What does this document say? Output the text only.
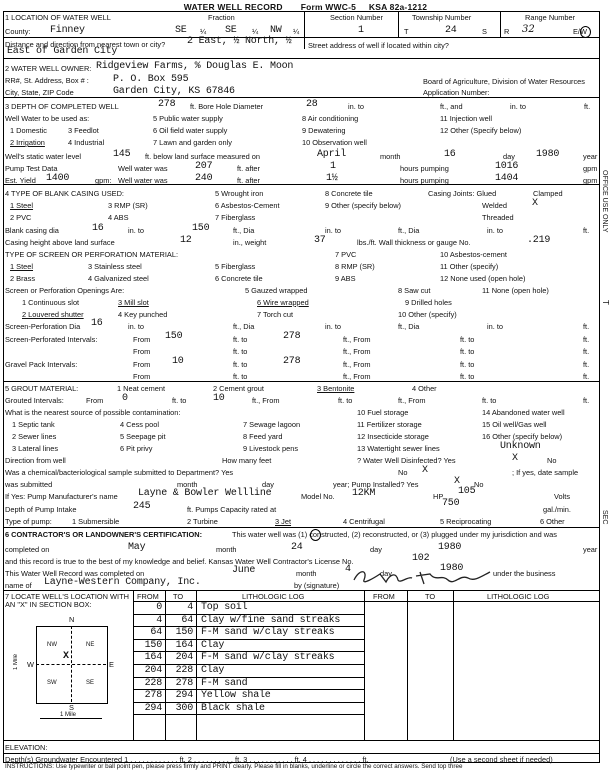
WATER WELL RECORD Form WWC-5 KSA 82a-1212
1 LOCATION OF WATER WELL	Fraction	Section Number	Township Number	Range Number
County: Finney	SE ¼ SE ¼ NW ¼	1	T	24	S R 32	E/W
Distance and direction from nearest town or city? 2 East, ½ North, ½
East of Garden City
Street address of well if located within city?
2 WATER WELL OWNER: Ridgeview Farms, % Douglas E. Moon
RR#, St. Address, Box # : P. O. Box 595	Board of Agriculture, Division of Water Resources
City, State, ZIP Code	Garden City, KS 67846	Application Number:
3 DEPTH OF COMPLETED WELL	278 ft. Bore Hole Diameter	28	in. to	ft., and	in. to	ft.
Well Water to be used as:	5 Public water supply	8 Air conditioning	11 Injection well
1 Domestic	3 Feedlot	6 Oil field water supply	9 Dewatering	12 Other (Specify below)
2 Irrigation	4 Industrial	7 Lawn and garden only	10 Observation well
Well's static water level	145 ft. below land surface measured on	April	month	16	day 1980	year
Pump Test Data	Well water was	207	ft. after	1	hours pumping	1016	gpm
Est. Yield 1400	gpm: Well water was	240	ft. after	1½	hours pumping	1404	gpm
4 TYPE OF BLANK CASING USED:	5 Wrought iron	8 Concrete tile	Casing Joints: Glued	Clamped
1 Steel	3 RMP (SR)	6 Asbestos-Cement	9 Other (specify below)	Welded	X
2 PVC	4 ABS	7 Fiberglass	Threaded
Blank casing dia	16	in. to	150	ft., Dia	in. to	ft., Dia	in. to	ft.
Casing height above land surface	12	in., weight	37	lbs./ft. Wall thickness or gauge No.	.219
TYPE OF SCREEN OR PERFORATION MATERIAL:	7 PVC	10 Asbestos-cement
1 Steel	3 Stainless steel	5 Fiberglass	8 RMP (SR)	11 Other (specify)
2 Brass	4 Galvanized steel	6 Concrete tile	9 ABS	12 None used (open hole)
Screen or Perforation Openings Are:	5 Gauzed wrapped	8 Saw cut	11 None (open hole)
1 Continuous slot	3 Mill slot	6 Wire wrapped	9 Drilled holes
2 Louvered shutter	4 Key punched	7 Torch cut	10 Other (specify)
Screen-Perforation Dia 16	in. to	ft., Dia	in. to	ft., Dia	in. to	ft.
Screen-Perforated Intervals:	From 150	ft. to	278	ft., From	ft. to	ft.
From	ft. to	ft., From	ft. to	ft.
Gravel Pack Intervals:	From 10	ft. to	278	ft., From	ft. to	ft.
From	ft. to	ft., From	ft. to	ft.
5 GROUT MATERIAL:	1 Neat cement	2 Cement grout	3 Bentonite	4 Other
Grouted Intervals:	From 0	ft. to	10	ft., From	ft. to	ft., From	ft. to	ft.
What is the nearest source of possible contamination:	10 Fuel storage	14 Abandoned water well
1 Septic tank	4 Cess pool	7 Sewage lagoon	11 Fertilizer storage	15 Oil well/Gas well
2 Sewer lines	5 Seepage pit	8 Feed yard	12 Insecticide storage	16 Other (specify below)
3 Lateral lines	6 Pit privy	9 Livestock pens	13 Watertight sewer lines	Unknown
Direction from well	How many feet	? Water Well Disinfected? Yes	X	No
Was a chemical/bacteriological sample submitted to Department? Yes	No X	; If yes, date sample
was submitted	month	day	year; Pump Installed? Yes	X No
If Yes: Pump Manufacturer's name Layne & Bowler Wellline	Model No. 12KM	HP 105	Volts
Depth of Pump Intake	245	ft. Pumps Capacity rated at
750
gal./min.
Type of pump:	1 Submersible	2 Turbine	3 Jet	4 Centrifugal	5 Reciprocating	6 Other
6 CONTRACTOR'S OR LANDOWNER'S CERTIFICATION:	This water well was (1) constructed, (2) reconstructed, or (3) plugged under my jurisdiction and was
completed on	May	month	24	day	1980	year
and this record is true to the best of my knowledge and belief. Kansas Water Well Contractor's License No.	102
This Water Well Record was completed on	June	month	4	day	1980	under the business
name of Layne-Western Company, Inc.	by (signature)
7 LOCATE WELL'S LOCATION WITH AN "X" IN SECTION BOX:
FROM TO	LITHOLOGIC LOG	FROM	TO	LITHOLOGIC LOG
N
S
W	E
NW	NE
SW	SE
X
1 Mile
1 Mile
0	4 Top soil
4	64 Clay w/fine sand streaks
64	150 F-M sand w/clay streaks
150	164 Clay
164	204 F-M sand w/clay streaks
204	228 Clay
228	278 F-M sand
278	294 Yellow shale
294	300 Black shale
ELEVATION:
Depth(s) Groundwater Encountered 1 . . . . . . . . . . . . ft. 2 . . . . . . . . . . ft. 3 . . . . . . . . . . . ft. 4 . . . . . . . . . . . . . ft.	(Use a second sheet if needed)
INSTRUCTIONS: Use typewriter or ball point pen, please press firmly and PRINT clearly. Please fill in blanks, underline or circle the correct answers. Send top three
OFFICE USE ONLY
T
SEC
